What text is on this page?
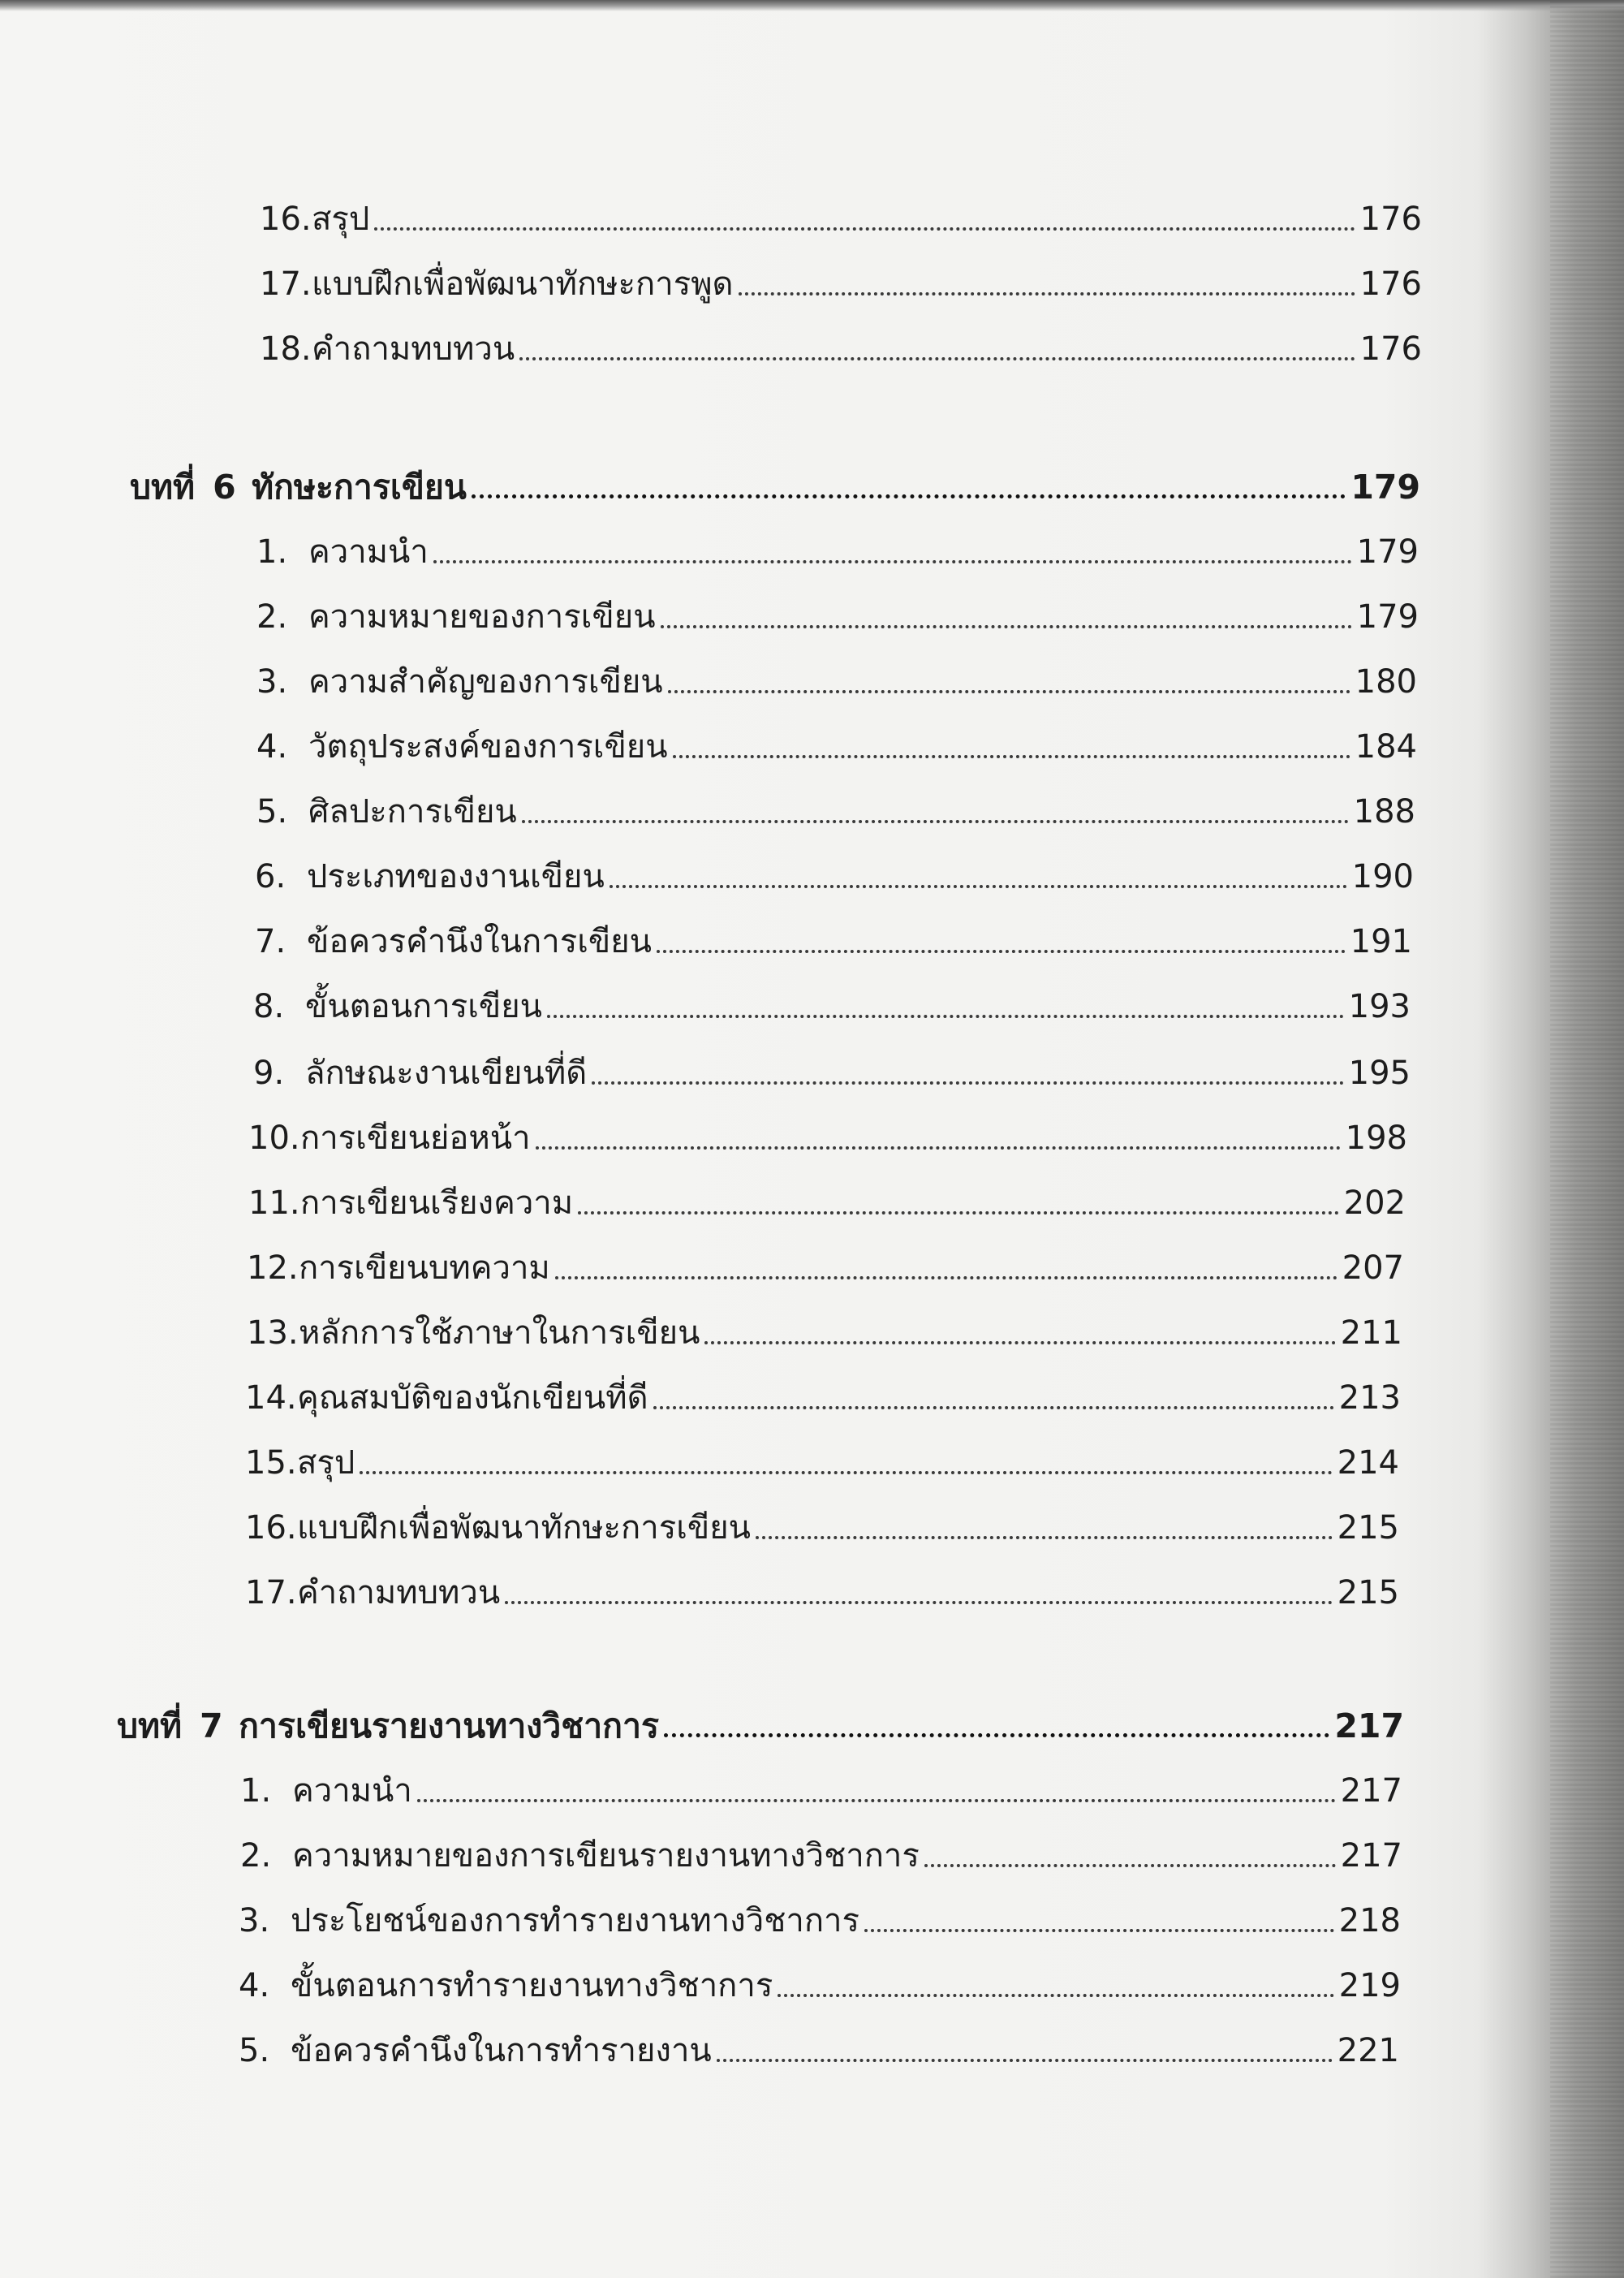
16. สรุป	176
17. แบบฝึกเพื่อพัฒนาทักษะการพูด	176
18. คำถามทบทวน	176
บทที่ 6 ทักษะการเขียน	179
1. ความนำ	179
2. ความหมายของการเขียน	179
3. ความสำคัญของการเขียน	180
4. วัตถุประสงค์ของการเขียน	184
5. ศิลปะการเขียน	188
6. ประเภทของงานเขียน	190
7. ข้อควรคำนึงในการเขียน	191
8. ขั้นตอนการเขียน	193
9. ลักษณะงานเขียนที่ดี	195
10. การเขียนย่อหน้า	198
11. การเขียนเรียงความ	202
12. การเขียนบทความ	207
13. หลักการใช้ภาษาในการเขียน	211
14. คุณสมบัติของนักเขียนที่ดี	213
15. สรุป	214
16. แบบฝึกเพื่อพัฒนาทักษะการเขียน	215
17. คำถามทบทวน	215
บทที่ 7 การเขียนรายงานทางวิชาการ	217
1. ความนำ	217
2. ความหมายของการเขียนรายงานทางวิชาการ	217
3. ประโยชน์ของการทำรายงานทางวิชาการ	218
4. ขั้นตอนการทำรายงานทางวิชาการ	219
5. ข้อควรคำนึงในการทำรายงาน	221
